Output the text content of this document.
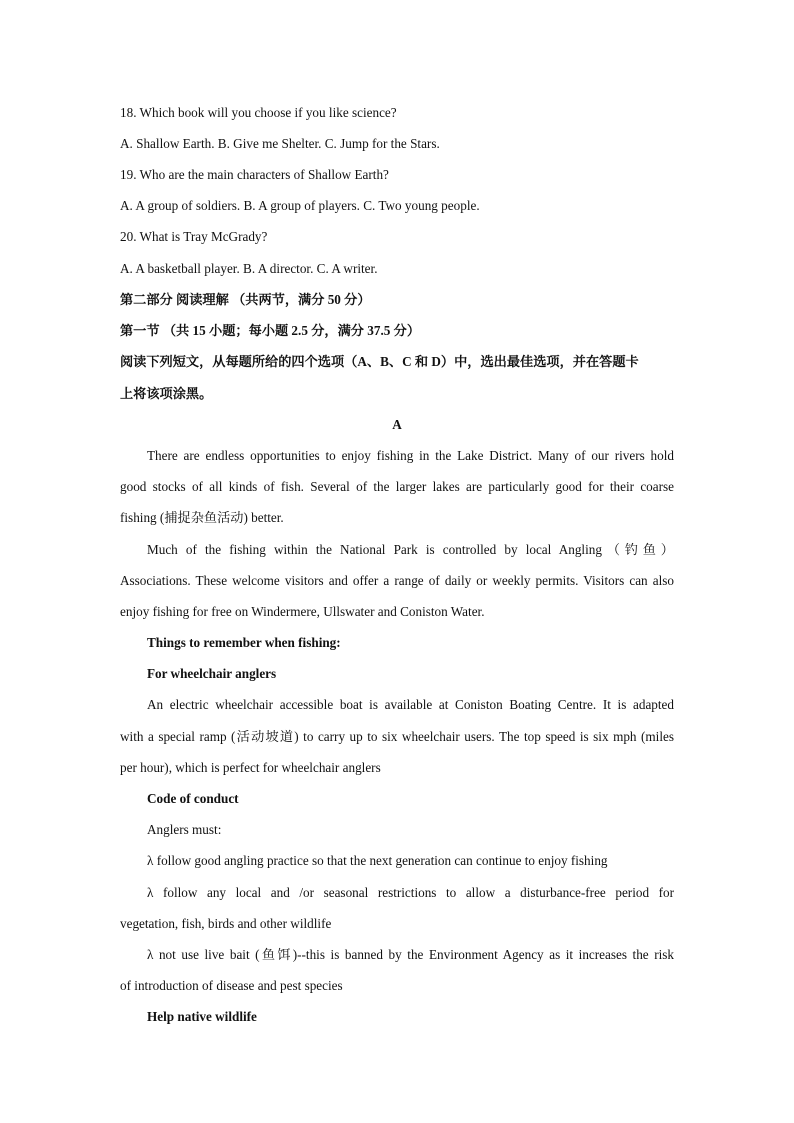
18. Which book will you choose if you like science?
A. Shallow Earth. B. Give me Shelter. C. Jump for the Stars.
19. Who are the main characters of Shallow Earth?
A. A group of soldiers. B. A group of players. C. Two young people.
20. What is Tray McGrady?
A. A basketball player. B. A director. C. A writer.
第二部分 阅读理解 （共两节，满分 50 分）
第一节 （共 15 小题；每小题 2.5 分，满分 37.5 分）
阅读下列短文，从每题所给的四个选项（A、B、C 和 D）中，选出最佳选项，并在答题卡
上将该项涂黑。
A
There are endless opportunities to enjoy fishing in the Lake District. Many of our rivers hold
good stocks of all kinds of fish. Several of the larger lakes are particularly good for their coarse
fishing (捕捉杂鱼活动) better.
Much of the fishing within the National Park is controlled by local Angling（钓鱼）
Associations. These welcome visitors and offer a range of daily or weekly permits. Visitors can also
enjoy fishing for free on Windermere, Ullswater and Coniston Water.
Things to remember when fishing:
For wheelchair anglers
An electric wheelchair accessible boat is available at Coniston Boating Centre. It is adapted
with a special ramp (活动坡道) to carry up to six wheelchair users. The top speed is six mph (miles
per hour), which is perfect for wheelchair anglers
Code of conduct
Anglers must:
λ follow good angling practice so that the next generation can continue to enjoy fishing
λ follow any local and /or seasonal restrictions to allow a disturbance-free period for
vegetation, fish, birds and other wildlife
λ not use live bait (鱼饵)--this is banned by the Environment Agency as it increases the risk
of introduction of disease and pest species
Help native wildlife
